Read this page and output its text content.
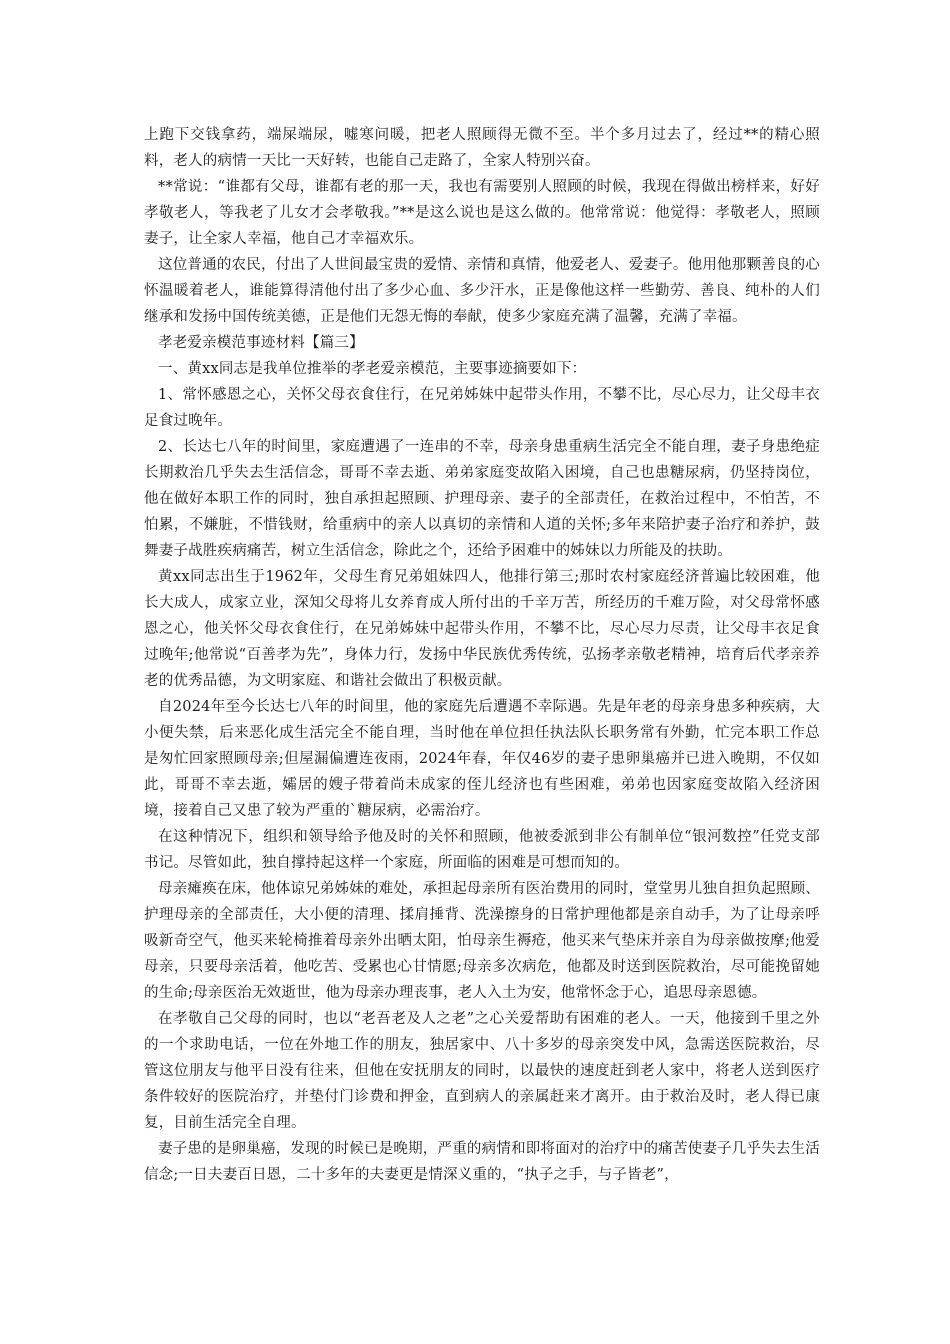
上跑下交钱拿药，端屎端尿，嘘寒问暖，把老人照顾得无微不至。半个多月过去了，经过**的精心照料，老人的病情一天比一天好转，也能自己走路了，全家人特别兴奋。

**常说：“谁都有父母，谁都有老的那一天，我也有需要别人照顾的时候，我现在得做出榜样来，好好孝敬老人，等我老了儿女才会孝敬我。”**是这么说也是这么做的。他常常说：他觉得：孝敬老人，照顾妻子，让全家人幸福，他自己才幸福欢乐。

这位普通的农民，付出了人世间最宝贵的爱情、亲情和真情，他爱老人、爱妻子。他用他那颗善良的心怀温暖着老人，谁能算得清他付出了多少心血、多少汗水，正是像他这样一些勤劳、善良、纯朴的人们继承和发扬中国传统美德，正是他们无怨无悔的奉献，使多少家庭充满了温馨，充满了幸福。

孝老爱亲模范事迹材料【篇三】

一、黄xx同志是我单位推举的孝老爱亲模范，主要事迹摘要如下：

1、常怀感恩之心，关怀父母衣食住行，在兄弟姊妹中起带头作用，不攀不比，尽心尽力，让父母丰衣足食过晚年。

2、长达七八年的时间里，家庭遭遇了一连串的不幸，母亲身患重病生活完全不能自理，妻子身患绝症长期救治几乎失去生活信念，哥哥不幸去逝、弟弟家庭变故陷入困境，自己也患糖尿病，仍坚持岗位，他在做好本职工作的同时，独自承担起照顾、护理母亲、妻子的全部责任，在救治过程中，不怕苦，不怕累，不嫌脏，不惜钱财，给重病中的亲人以真切的亲情和人道的关怀;多年来陪护妻子治疗和养护，鼓舞妻子战胜疾病痛苦，树立生活信念，除此之个，还给予困难中的姊妹以力所能及的扶助。

黄xx同志出生于1962年，父母生育兄弟姐妹四人，他排行第三;那时农村家庭经济普遍比较困难，他长大成人，成家立业，深知父母将儿女养育成人所付出的千辛万苦，所经历的千难万险，对父母常怀感恩之心，他关怀父母衣食住行，在兄弟姊妹中起带头作用，不攀不比，尽心尽力尽责，让父母丰衣足食过晚年;他常说“百善孝为先”，身体力行，发扬中华民族优秀传统，弘扬孝亲敬老精神，培育后代孝亲养老的优秀品德，为文明家庭、和谐社会做出了积极贡献。

自2024年至今长达七八年的时间里，他的家庭先后遭遇不幸际遇。先是年老的母亲身患多种疾病，大小便失禁，后来恶化成生活完全不能自理，当时他在单位担任执法队长职务常有外勤，忙完本职工作总是匆忙回家照顾母亲;但屋漏偏遭连夜雨，2024年春，年仅46岁的妻子患卵巢癌并已进入晚期，不仅如此，哥哥不幸去逝，孀居的嫂子带着尚未成家的侄儿经济也有些困难，弟弟也因家庭变故陷入经济困境，接着自己又患了较为严重的`糖尿病，必需治疗。

在这种情况下，组织和领导给予他及时的关怀和照顾，他被委派到非公有制单位“银河数控”任党支部书记。尽管如此，独自撑持起这样一个家庭，所面临的困难是可想而知的。

母亲瘫痪在床，他体谅兄弟姊妹的难处，承担起母亲所有医治费用的同时，堂堂男儿独自担负起照顾、护理母亲的全部责任，大小便的清理、揉肩捶背、洗澡擦身的日常护理他都是亲自动手，为了让母亲呼吸新奇空气，他买来轮椅推着母亲外出晒太阳，怕母亲生褥疮，他买来气垫床并亲自为母亲做按摩;他爱母亲，只要母亲活着，他吃苦、受累也心甘情愿;母亲多次病危，他都及时送到医院救治，尽可能挽留她的生命;母亲医治无效逝世，他为母亲办理丧事，老人入土为安，他常怀念于心，追思母亲恩德。

在孝敬自己父母的同时，也以“老吾老及人之老”之心关爱帮助有困难的老人。一天，他接到千里之外的一个求助电话，一位在外地工作的朋友，独居家中、八十多岁的母亲突发中风，急需送医院救治，尽管这位朋友与他平日没有往来，但他在安抚朋友的同时，以最快的速度赶到老人家中，将老人送到医疗条件较好的医院治疗，并垫付门诊费和押金，直到病人的亲属赶来才离开。由于救治及时，老人得已康复，目前生活完全自理。

妻子患的是卵巢癌，发现的时候已是晚期，严重的病情和即将面对的治疗中的痛苦使妻子几乎失去生活信念;一日夫妻百日恩，二十多年的夫妻更是情深义重的，“执子之手，与子皆老”，
